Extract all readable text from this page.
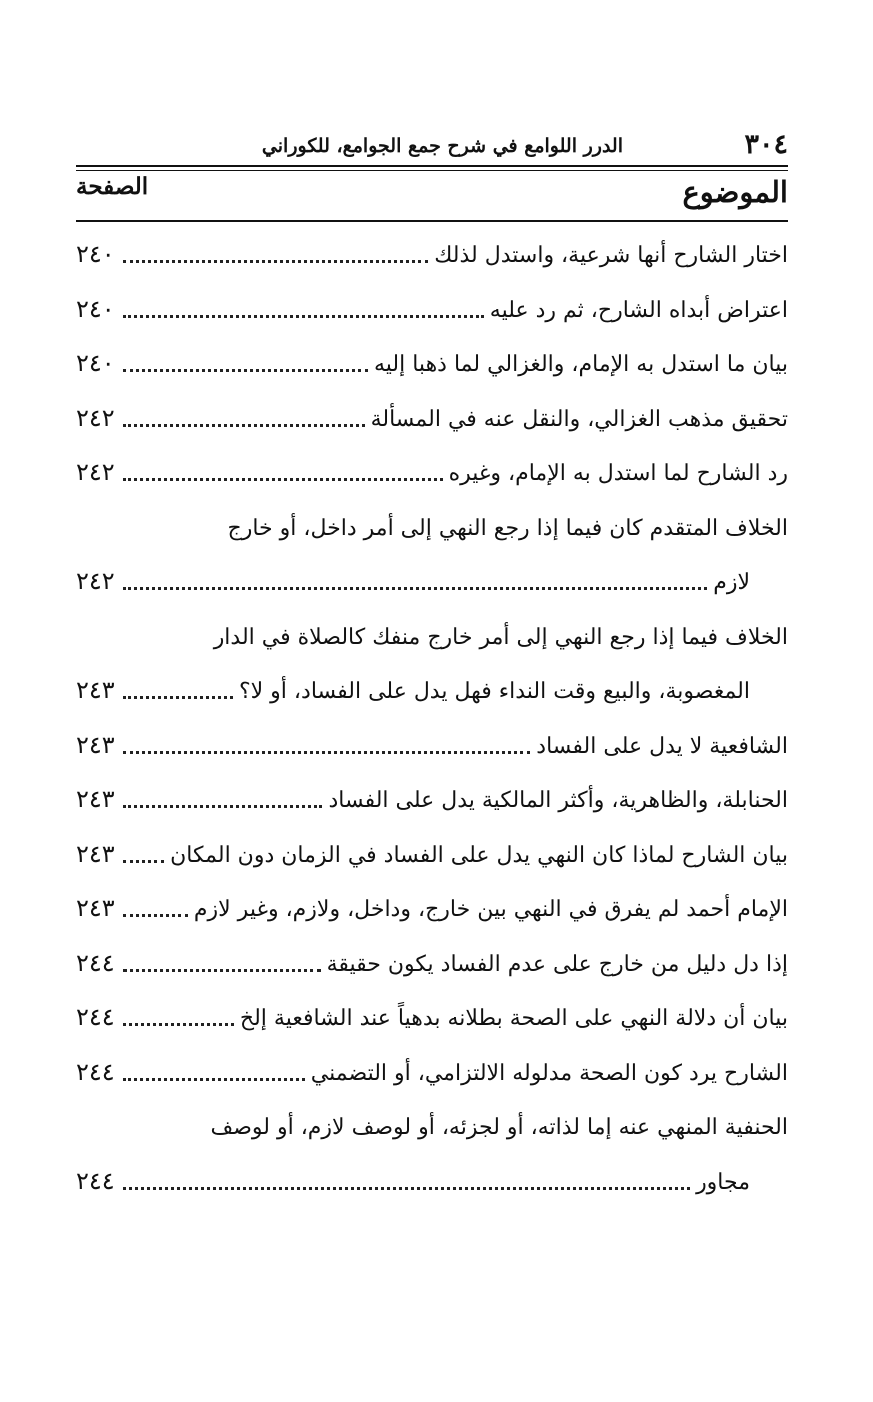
٣٠٤
الدرر اللوامع في شرح جمع الجوامع، للكوراني
الموضوع
الصفحة
اختار الشارح أنها شرعية، واستدل لذلك
٢٤٠
اعتراض أبداه الشارح، ثم رد عليه
٢٤٠
بيان ما استدل به الإمام، والغزالي لما ذهبا إليه
٢٤٠
تحقيق مذهب الغزالي، والنقل عنه في المسألة
٢٤٢
رد الشارح لما استدل به الإمام، وغيره
٢٤٢
الخلاف المتقدم كان فيما إذا رجع النهي إلى أمر داخل، أو خارج
لازم
٢٤٢
الخلاف فيما إذا رجع النهي إلى أمر خارج منفك كالصلاة في الدار
المغصوبة، والبيع وقت النداء فهل يدل على الفساد، أو لا؟
٢٤٣
الشافعية لا يدل على الفساد
٢٤٣
الحنابلة، والظاهرية، وأكثر المالكية يدل على الفساد
٢٤٣
بيان الشارح لماذا كان النهي يدل على الفساد في الزمان دون المكان
٢٤٣
الإمام أحمد لم يفرق في النهي بين خارج، وداخل، ولازم، وغير لازم
٢٤٣
إذا دل دليل من خارج على عدم الفساد يكون حقيقة
٢٤٤
بيان أن دلالة النهي على الصحة بطلانه بدهياً عند الشافعية إلخ
٢٤٤
الشارح يرد كون الصحة مدلوله الالتزامي، أو التضمني
٢٤٤
الحنفية المنهي عنه إما لذاته، أو لجزئه، أو لوصف لازم، أو لوصف
مجاور
٢٤٤
